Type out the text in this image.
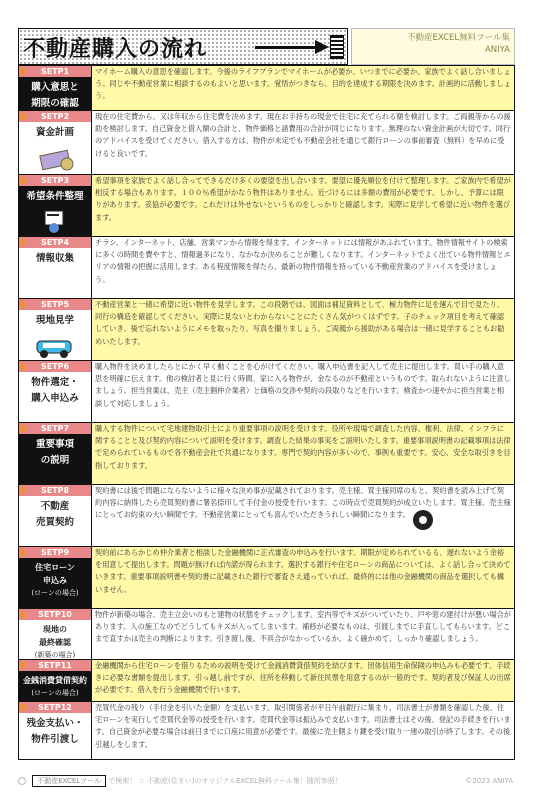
不動産購入の流れ	不動産EXCEL無料ツール集
ANIYA
SETP1
購入意思と
期限の確認
マイホーム購入の意思を確認します。今後のライフプランでマイホームが必要か、いつまでに必要か、家族でよく話し合いましょう。同じや不動産営業に相談するのもよいと思います。覚悟がつきなら、目的を達成する期限を決めます。計画的に活動しましょう。
SETP2
資金計画
現在の住宅費から、又は年収から住宅費を決めます。現在お手持ちの現金で住宅に充てられる額を検討します。ご両親等からの援助を検討します。自己資金と借入額の合計と、物件価格と諸費用の合計が同じになります。無理のない資金計画が大切です。同行のアドバイスを受けてください。借入する方は、物件が未定でも不動産会社を通じて銀行ローンの事前審査（無料）を早めに受けると良いです。
SETP3
希望条件整理
希望事項を家族でよく話し合ってできるだけ多くの要望を出し合います。要望に優先順位を付けて整理します。ご家族内で希望が相反する場合もあります。１００％希望がかなう物件はありません。近づけるには多額の費用が必要です。しかし、予算には限りがあります。妥協が必要です。これだけは外せないというものをしっかりと確認します。実際に見学して希望に近い物件を選びます。
SETP4
情報収集
チラシ、インターネット、店舗、営業マンから情報を得ます。インターネットには情報があふれています。物件情報サイトの検索に多くの時間を費やすと、情報過多になり、なかなか決めることが難しくなります。インターネットでよく出ている物件情報とエリアの情報の把握に活用します。ある程度情報を得たら、最新の物件情報を持っている不動産営業のアドバイスを受けましょう。
SETP5
現地見学
不動産営業と一緒に希望に近い物件を見学します。この段階では、図面は補足資料として、極力物件に足を運んで目で見たり、同行の構造を確認してください。実際に見ないとわからないことにたくさん気がつくはずです。子のチェック項目を考えて確認していき、後で忘れないようにメモを取ったり、写真を撮りましょう。ご両親から援助がある場合は一緒に見学することもお勧めいたします。
SETP6
物件選定・
購入申込み
購入物件を決めましたらとにかく早く動くことを心がけてください。購入申込書を記入して売主に提出します。買い手の購入意思を明確に伝えます。他の検討者と見に行く時間、家に入る物件が、金なるのが不動産というものです。取られないように注意しましょう。担当営業は、売主（売主側仲介業者）と価格の交渉や契約の段取りなどを行います。検査かつ速やかに担当営業と相談して対応しましょう。
SETP7
重要事項
の説明
購入する物件について宅地建物取引士により重要事項の説明を受けます。役所や現場で調査した内容、権利、法律、インフラに関することと及び契約内容について説明を受けます。調査した結果の事実をご説明いたします。重要事項説明書の記載事項は法律で定められているもので各不動産会社で共通になります。専門で契約内容が多いので、事例も重要です。安心、安全な取引きを目指しております。
SETP8
不動産
売買契約
契約書には後で問題にならないように様々な決め事が記載されております。売主様、買主様同席のもと、契約書を読み上げて契約内容に納得したら売買契約書に署名捺印して手付金の授受を行います。この時点で売買契約が成立いたします。買主様、売主様にとってお約束の大い瞬間です。不動産営業にとっても喜んでいただきうれしい瞬間になります。
SETP9
住宅ローン
申込み
(ローンの場合)
契約前にあらかじめ仲介業者と相談した金融機関に正式審査の申込みを行います。期限が定められているる、遅れないよう余裕を用意して提出します。問題が無ければ内諾が得られます。選択する銀行や住宅ローンの商品については、よく話し合って決めていきます。重要事項説明書や契約書に記載された銀行で審査さえ通っていれば、最終的には他の金融機関の商品を選択しても構いません。
SETP10
現地の
最終確認
(新築の場合)
物件が新築の場合、売主立会いのもと建物の状態をチェックします。室内等でキズがついていたり、戸や窓の建付けが悪い場合があります。人の施工なのでどうしてもキズが入ってしまいます。補修が必要なものは、引渡しまでに手直ししてもらいます。どこまで直すかは売主の判断によります。引き渡し後、不具合がなかっているか、よく確かめて、しっかり確認しましょう。
SETP11
金銭消費貸借契約
(ローンの場合)
金融機関から住宅ローンを借りるための説明を受けて金銭消費貸借契約を結びます。団体信用生命保険の申込みも必要です。手続きに必要な書類を提出します。引っ越し前ですが、住所を移動して新住民票を用意するのが一般的です。契約者及び保証人の出席が必要です。借入を行う金融機関で行います。
SETP12
残金支払い・
物件引渡し
売買代金の残り（手付金を引いた金額）を支払います。取引関係者が平日午前銀行に集まり、司法書士が書類を確認した後、住宅ローンを実行して売買代金等の授受を行います。売買代金等は振込みで支払います。司法書士はその後、登記の手続きを行います。自己資金が必要な場合は前日までに口座に用意が必要です。最後に売主側より鍵を受け取り一連の取引が終了します。その後引越しをします。
不動産EXCELツール で検索！ ☆ 不動産(住まい)のオリジナルEXCEL無料ツール集！随所参照！	©2023 ANIYA
